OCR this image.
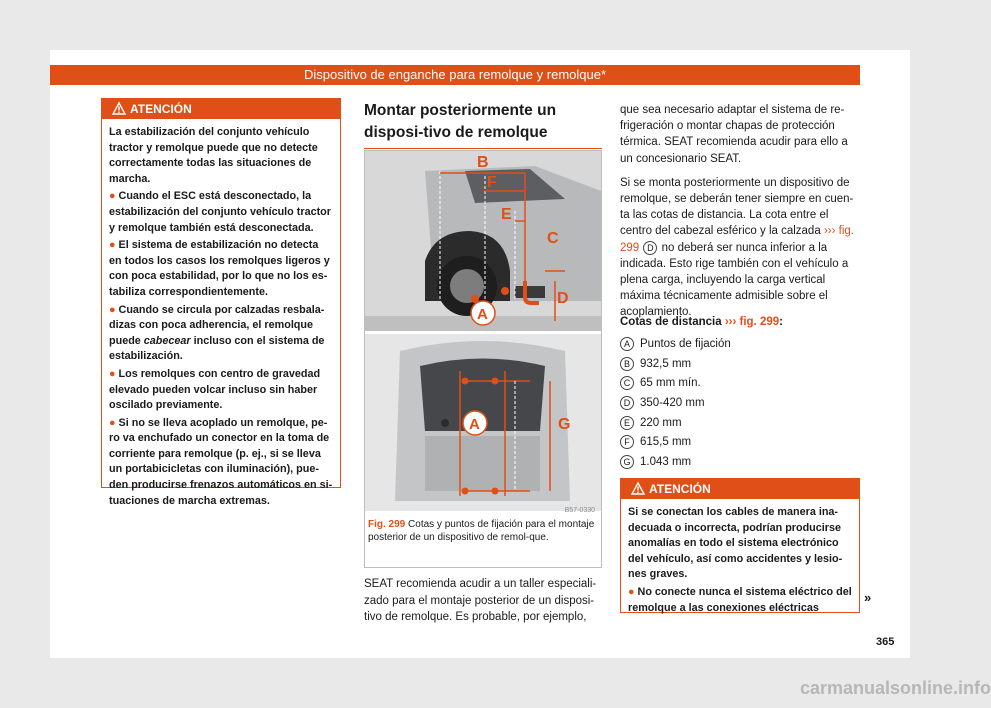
Dispositivo de enganche para remolque y remolque*
ATENCIÓN

La estabilización del conjunto vehículo tractor y remolque puede que no detecte correctamente todas las situaciones de marcha.

● Cuando el ESC está desconectado, la estabilización del conjunto vehículo tractor y remolque también está desconectada.

● El sistema de estabilización no detecta en todos los casos los remolques ligeros y con poca estabilidad, por lo que no los es-tabiliza correspondientemente.

● Cuando se circula por calzadas resbala-dizas con poca adherencia, el remolque puede cabecear incluso con el sistema de estabilización.

● Los remolques con centro de gravedad elevado pueden volcar incluso sin haber oscilado previamente.

● Si no se lleva acoplado un remolque, pe-ro va enchufado un conector en la toma de corriente para remolque (p. ej., si se lleva un portabicicletas con iluminación), pue-den producirse frenazos automáticos en si-tuaciones de marcha extremas.

Montar posteriormente un disposi-tivo de remolque
B
F
E
C
D
A
A	G
B57-0330
Fig. 299 Cotas y puntos de fijación para el montaje posterior de un dispositivo de remol-que.
SEAT recomienda acudir a un taller especiali-zado para el montaje posterior de un disposi-tivo de remolque. Es probable, por ejemplo,

que sea necesario adaptar el sistema de re-frigeración o montar chapas de protección térmica. SEAT recomienda acudir para ello a un concesionario SEAT.

Si se monta posteriormente un dispositivo de remolque, se deberán tener siempre en cuen-ta las cotas de distancia. La cota entre el centro del cabezal esférico y la calzada ››› fig. 299 D no deberá ser nunca inferior a la indicada. Esto rige también con el vehículo a plena carga, incluyendo la carga vertical máxima técnicamente admisible sobre el acoplamiento.

Cotas de distancia ››› fig. 299:
A Puntos de fijación
B 932,5 mm
C 65 mm mín.
D 350-420 mm
E 220 mm
F 615,5 mm
G 1.043 mm
ATENCIÓN

Si se conectan los cables de manera ina-decuada o incorrecta, podrían producirse anomalías en todo el sistema electrónico del vehículo, así como accidentes y lesio-nes graves.

● No conecte nunca el sistema eléctrico del remolque a las conexiones eléctricas

»
365
carmanualsonline.info
